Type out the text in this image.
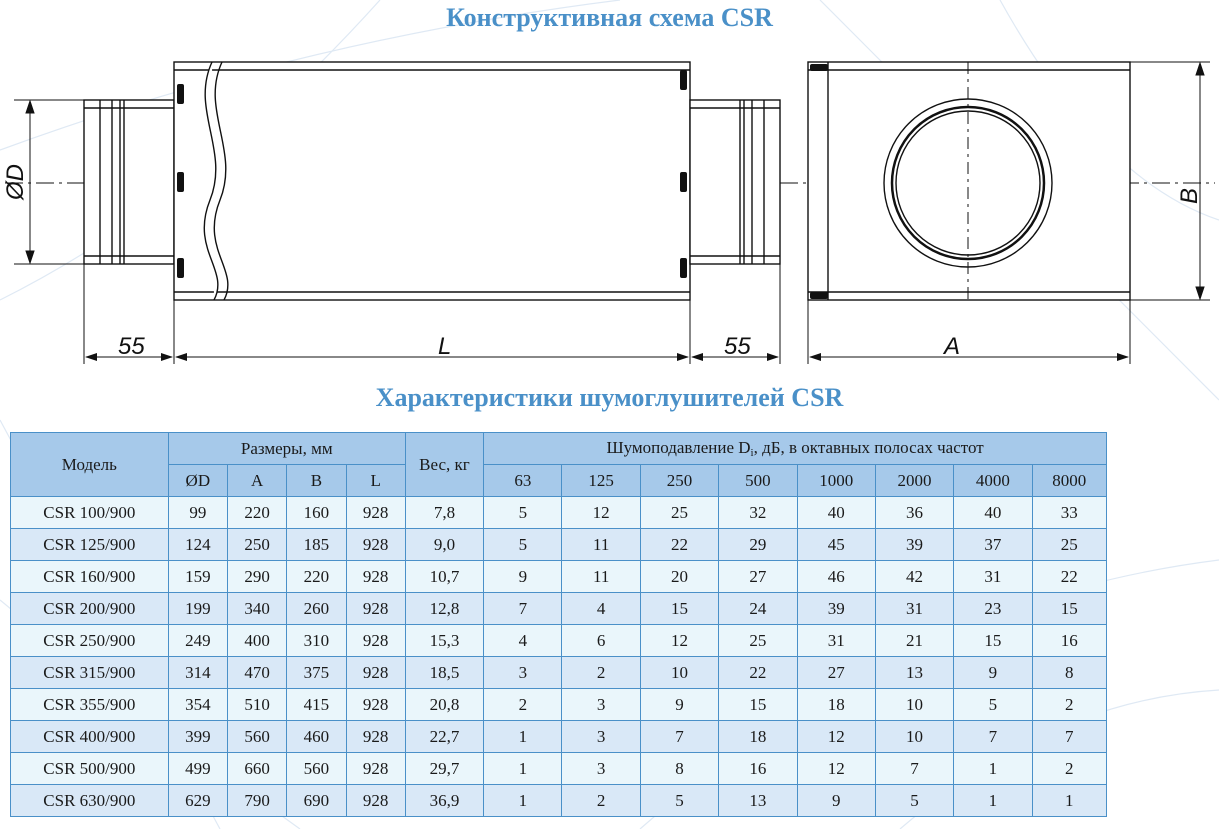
Конструктивная схема CSR
ØD
55	L	55	A
B
Характеристики шумоглушителей CSR
Модель	Размеры, мм				Вес, кг	Шумоподавление $D_i$, дБ, в октавных полосах частот							
	ØD	A	B	L		63	125	250	500	1000	2000	4000	8000
CSR 100/900	99	220	160	928	7,8	5	12	25	32	40	36	40	33
CSR 125/900	124	250	185	928	9,0	5	11	22	29	45	39	37	25
CSR 160/900	159	290	220	928	10,7	9	11	20	27	46	42	31	22
CSR 200/900	199	340	260	928	12,8	7	4	15	24	39	31	23	15
CSR 250/900	249	400	310	928	15,3	4	6	12	25	31	21	15	16
CSR 315/900	314	470	375	928	18,5	3	2	10	22	27	13	9	8
CSR 355/900	354	510	415	928	20,8	2	3	9	15	18	10	5	2
CSR 400/900	399	560	460	928	22,7	1	3	7	18	12	10	7	7
CSR 500/900	499	660	560	928	29,7	1	3	8	16	12	7	1	2
CSR 630/900	629	790	690	928	36,9	1	2	5	13	9	5	1	1
